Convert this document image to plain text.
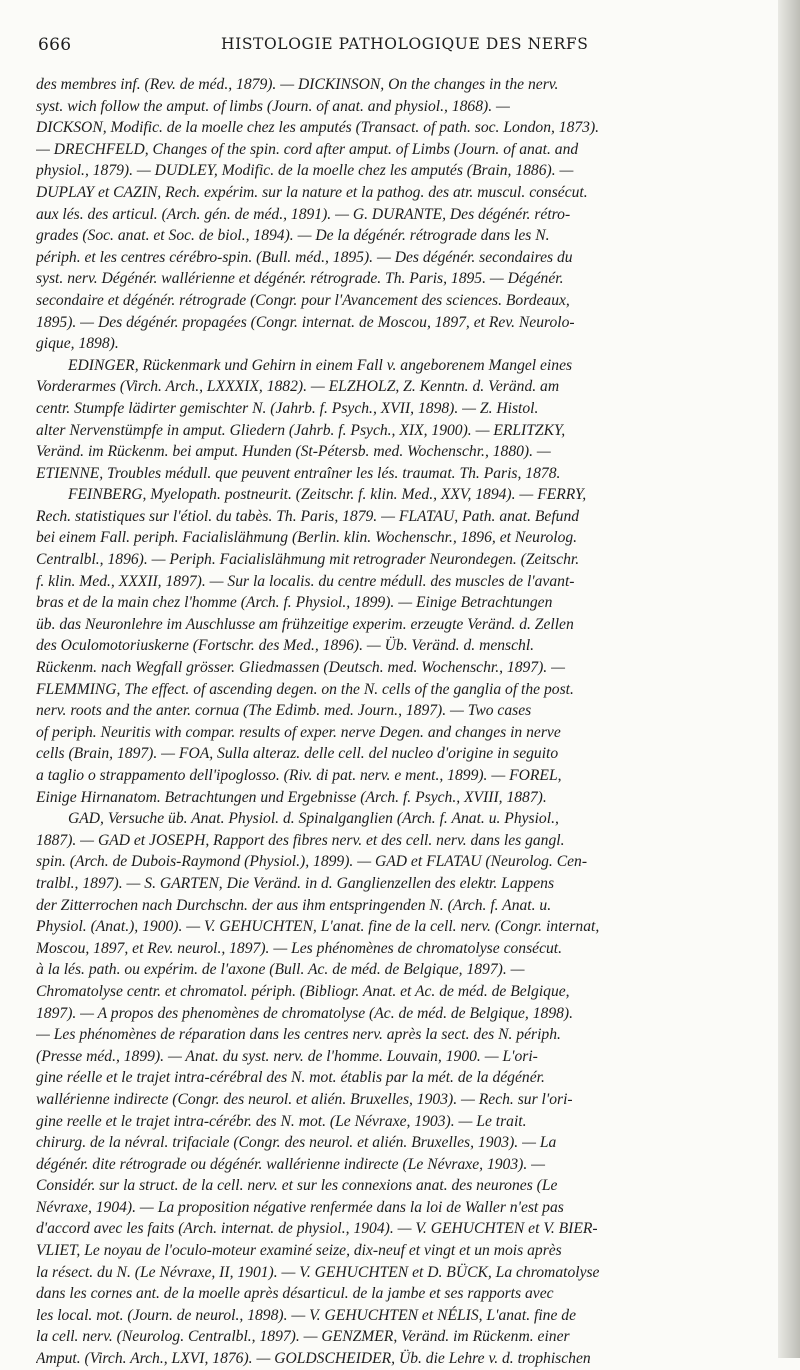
666	HISTOLOGIE PATHOLOGIQUE DES NERFS
des membres inf. (Rev. de méd., 1879). — DICKINSON, On the changes in the nerv.
syst. wich follow the amput. of limbs (Journ. of anat. and physiol., 1868). —
DICKSON, Modific. de la moelle chez les amputés (Transact. of path. soc. London, 1873).
— DRECHFELD, Changes of the spin. cord after amput. of Limbs (Journ. of anat. and
physiol., 1879). — DUDLEY, Modific. de la moelle chez les amputés (Brain, 1886). —
DUPLAY et CAZIN, Rech. expérim. sur la nature et la pathog. des atr. muscul. consécut.
aux lés. des articul. (Arch. gén. de méd., 1891). — G. DURANTE, Des dégénér. rétro-
grades (Soc. anat. et Soc. de biol., 1894). — De la dégénér. rétrograde dans les N.
périph. et les centres cérébro-spin. (Bull. méd., 1895). — Des dégénér. secondaires du
syst. nerv. Dégénér. wallérienne et dégénér. rétrograde. Th. Paris, 1895. — Dégénér.
secondaire et dégénér. rétrograde (Congr. pour l'Avancement des sciences. Bordeaux,
1895). — Des dégénér. propagées (Congr. internat. de Moscou, 1897, et Rev. Neurolo-
gique, 1898).
EDINGER, Rückenmark und Gehirn in einem Fall v. angeborenem Mangel eines
Vorderarmes (Virch. Arch., LXXXIX, 1882). — ELZHOLZ, Z. Kenntn. d. Veränd. am
centr. Stumpfe lädirter gemischter N. (Jahrb. f. Psych., XVII, 1898). — Z. Histol.
alter Nervenstümpfe in amput. Gliedern (Jahrb. f. Psych., XIX, 1900). — ERLITZKY,
Veränd. im Rückenm. bei amput. Hunden (St-Pétersb. med. Wochenschr., 1880). —
ETIENNE, Troubles médull. que peuvent entraîner les lés. traumat. Th. Paris, 1878.
FEINBERG, Myelopath. postneurit. (Zeitschr. f. klin. Med., XXV, 1894). — FERRY,
Rech. statistiques sur l'étiol. du tabès. Th. Paris, 1879. — FLATAU, Path. anat. Befund
bei einem Fall. periph. Facialislähmung (Berlin. klin. Wochenschr., 1896, et Neurolog.
Centralbl., 1896). — Periph. Facialislähmung mit retrograder Neurondegen. (Zeitschr.
f. klin. Med., XXXII, 1897). — Sur la localis. du centre médull. des muscles de l'avant-
bras et de la main chez l'homme (Arch. f. Physiol., 1899). — Einige Betrachtungen
üb. das Neuronlehre im Auschlusse am frühzeitige experim. erzeugte Veränd. d. Zellen
des Oculomotoriuskerne (Fortschr. des Med., 1896). — Üb. Veränd. d. menschl.
Rückenm. nach Wegfall grösser. Gliedmassen (Deutsch. med. Wochenschr., 1897). —
FLEMMING, The effect. of ascending degen. on the N. cells of the ganglia of the post.
nerv. roots and the anter. cornua (The Edimb. med. Journ., 1897). — Two cases
of periph. Neuritis with compar. results of exper. nerve Degen. and changes in nerve
cells (Brain, 1897). — FOA, Sulla alteraz. delle cell. del nucleo d'origine in seguito
a taglio o strappamento dell'ipoglosso. (Riv. di pat. nerv. e ment., 1899). — FOREL,
Einige Hirnanatom. Betrachtungen und Ergebnisse (Arch. f. Psych., XVIII, 1887).
GAD, Versuche üb. Anat. Physiol. d. Spinalganglien (Arch. f. Anat. u. Physiol.,
1887). — GAD et JOSEPH, Rapport des fibres nerv. et des cell. nerv. dans les gangl.
spin. (Arch. de Dubois-Raymond (Physiol.), 1899). — GAD et FLATAU (Neurolog. Cen-
tralbl., 1897). — S. GARTEN, Die Veränd. in d. Ganglienzellen des elektr. Lappens
der Zitterrochen nach Durchschn. der aus ihm entspringenden N. (Arch. f. Anat. u.
Physiol. (Anat.), 1900). — V. GEHUCHTEN, L'anat. fine de la cell. nerv. (Congr. internat,
Moscou, 1897, et Rev. neurol., 1897). — Les phénomènes de chromatolyse consécut.
à la lés. path. ou expérim. de l'axone (Bull. Ac. de méd. de Belgique, 1897). —
Chromatolyse centr. et chromatol. périph. (Bibliogr. Anat. et Ac. de méd. de Belgique,
1897). — A propos des phenomènes de chromatolyse (Ac. de méd. de Belgique, 1898).
— Les phénomènes de réparation dans les centres nerv. après la sect. des N. périph.
(Presse méd., 1899). — Anat. du syst. nerv. de l'homme. Louvain, 1900. — L'ori-
gine réelle et le trajet intra-cérébral des N. mot. établis par la mét. de la dégénér.
wallérienne indirecte (Congr. des neurol. et alién. Bruxelles, 1903). — Rech. sur l'ori-
gine reelle et le trajet intra-cérébr. des N. mot. (Le Névraxe, 1903). — Le trait.
chirurg. de la névral. trifaciale (Congr. des neurol. et alién. Bruxelles, 1903). — La
dégénér. dite rétrograde ou dégénér. wallérienne indirecte (Le Névraxe, 1903). —
Considér. sur la struct. de la cell. nerv. et sur les connexions anat. des neurones (Le
Névraxe, 1904). — La proposition négative renfermée dans la loi de Waller n'est pas
d'accord avec les faits (Arch. internat. de physiol., 1904). — V. GEHUCHTEN et V. BIER-
VLIET, Le noyau de l'oculo-moteur examiné seize, dix-neuf et vingt et un mois après
la résect. du N. (Le Névraxe, II, 1901). — V. GEHUCHTEN et D. BÜCK, La chromatolyse
dans les cornes ant. de la moelle après désarticul. de la jambe et ses rapports avec
les local. mot. (Journ. de neurol., 1898). — V. GEHUCHTEN et NÉLIS, L'anat. fine de
la cell. nerv. (Neurolog. Centralbl., 1897). — GENZMER, Veränd. im Rückenm. einer
Amput. (Virch. Arch., LXVI, 1876). — GOLDSCHEIDER, Üb. die Lehre v. d. trophischen
